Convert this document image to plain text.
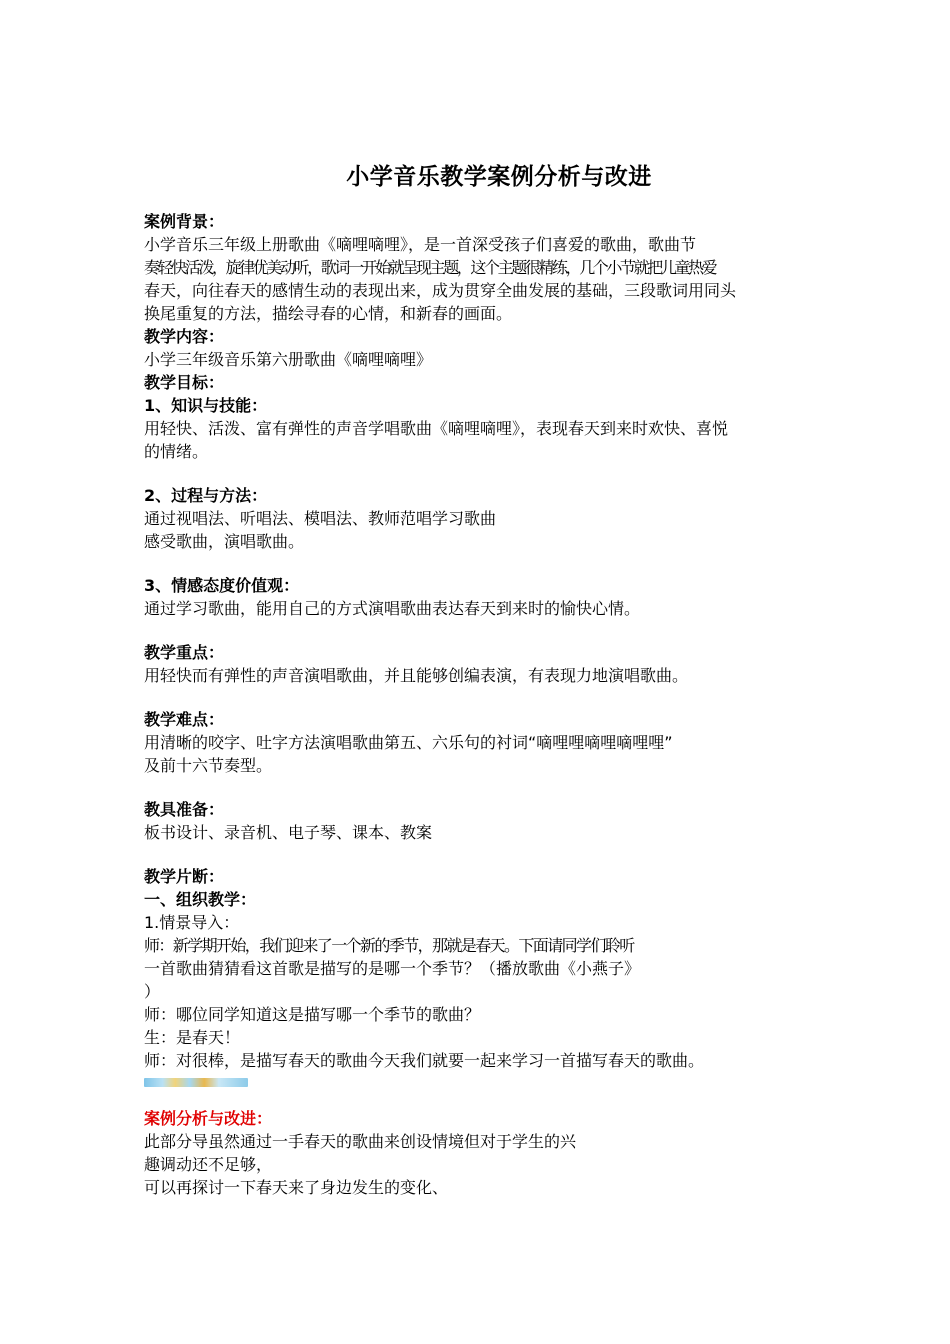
小学音乐教学案例分析与改进
案例背景：
小学音乐三年级上册歌曲《嘀哩嘀哩》，是一首深受孩子们喜爱的歌曲，歌曲节
奏轻快活泼，旋律优美动听，歌词一开始就呈现主题，这个主题很精练，几个小节就把儿童热爱
春天，向往春天的感情生动的表现出来，成为贯穿全曲发展的基础，三段歌词用同头
换尾重复的方法，描绘寻春的心情，和新春的画面。
教学内容：
小学三年级音乐第六册歌曲《嘀哩嘀哩》
教学目标：
1、知识与技能：
用轻快、活泼、富有弹性的声音学唱歌曲《嘀哩嘀哩》，表现春天到来时欢快、喜悦
的情绪。
2、过程与方法：
通过视唱法、听唱法、模唱法、教师范唱学习歌曲
感受歌曲，演唱歌曲。
3、情感态度价值观：
通过学习歌曲，能用自己的方式演唱歌曲表达春天到来时的愉快心情。
教学重点：
用轻快而有弹性的声音演唱歌曲，并且能够创编表演，有表现力地演唱歌曲。
教学难点：
用清晰的咬字、吐字方法演唱歌曲第五、六乐句的衬词“嘀哩哩嘀哩嘀哩哩”
及前十六节奏型。
教具准备：
板书设计、录音机、电子琴、课本、教案
教学片断：
一、组织教学：
1.情景导入：
师：新学期开始，我们迎来了一个新的季节，那就是春天。下面请同学们聆听
一首歌曲猜猜看这首歌是描写的是哪一个季节？（播放歌曲《小燕子》
）
师：哪位同学知道这是描写哪一个季节的歌曲？
生：是春天！
师：对很棒，是描写春天的歌曲今天我们就要一起来学习一首描写春天的歌曲。
案例分析与改进：
此部分导虽然通过一手春天的歌曲来创设情境但对于学生的兴
趣调动还不足够，
可以再探讨一下春天来了身边发生的变化、
